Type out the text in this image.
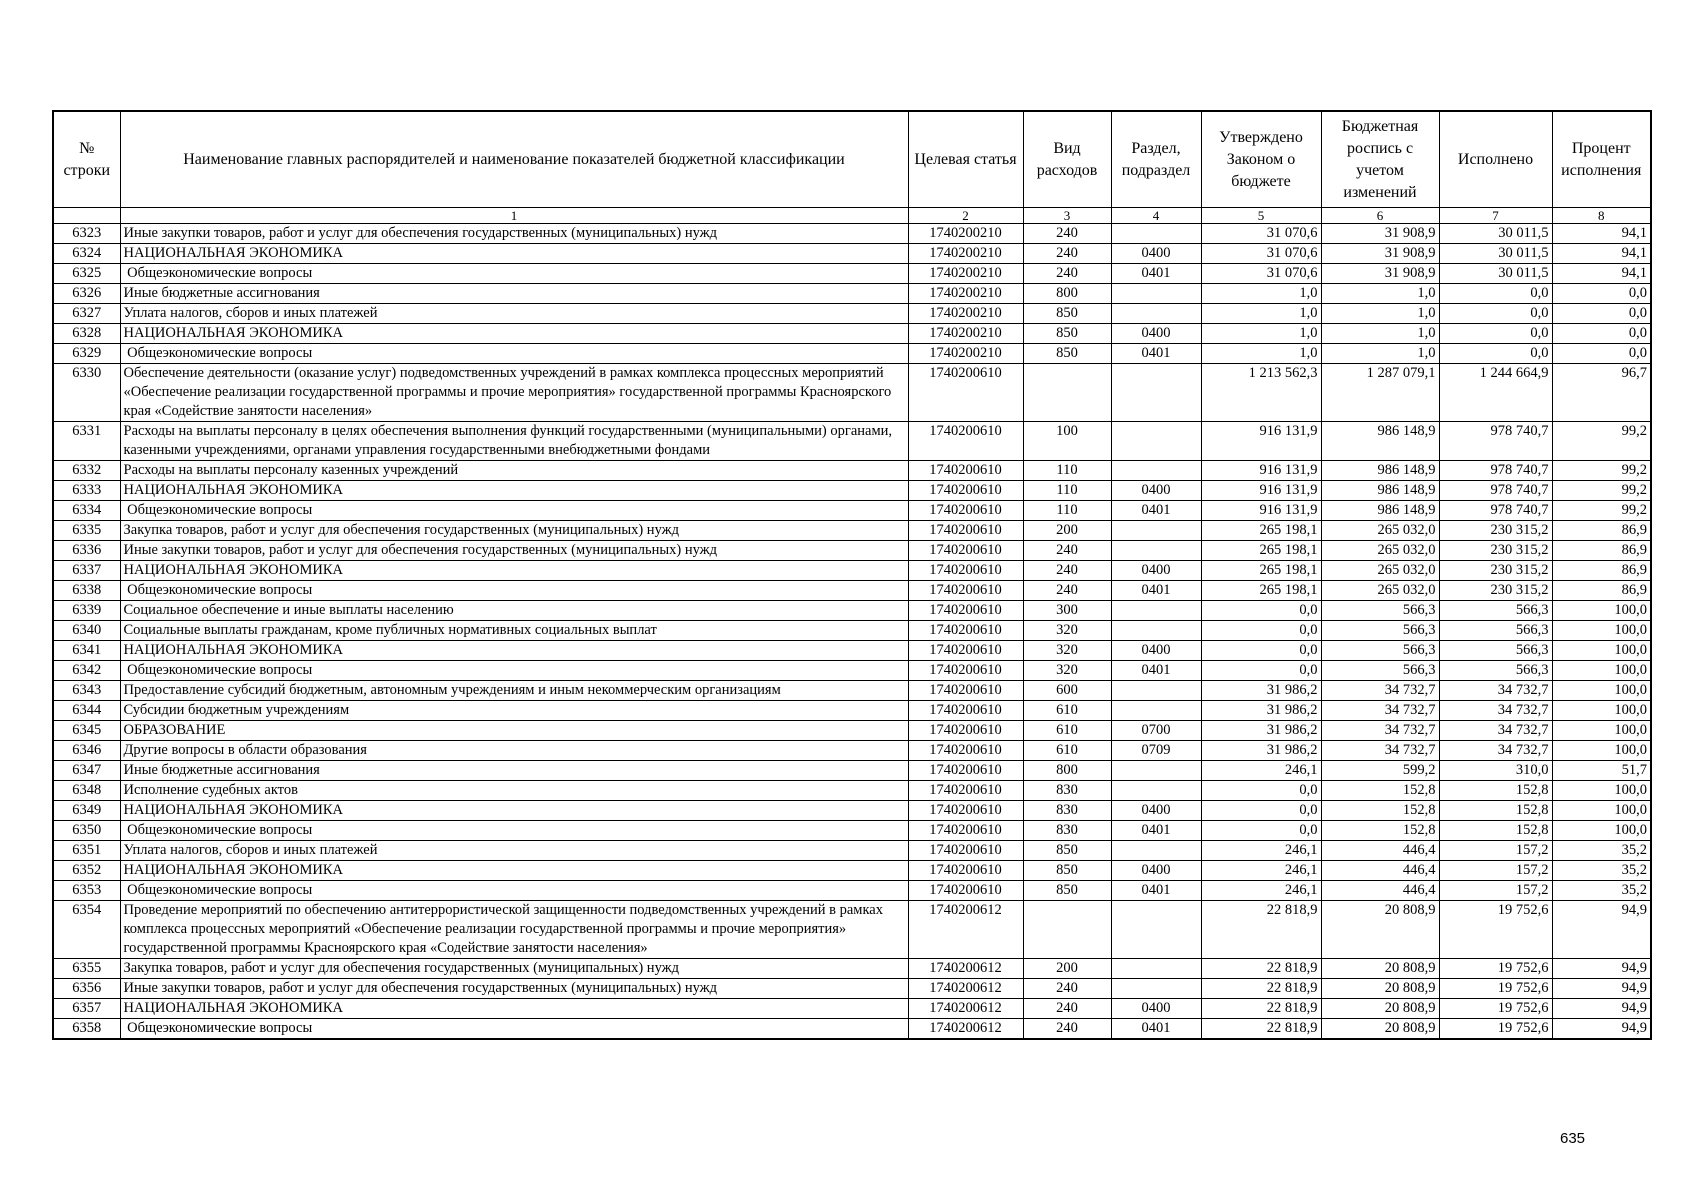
№ строки	Наименование главных распорядителей и наименование показателей бюджетной классификации	Целевая статья	Вид расходов	Раздел, подраздел	Утверждено Законом о бюджете	Бюджетная роспись с учетом изменений	Исполнено	Процент исполнения
	1	2	3	4	5	6	7	8
6323	Иные закупки товаров, работ и услуг для обеспечения государственных (муниципальных) нужд	1740200210	240		31 070,6	31 908,9	30 011,5	94,1
6324	НАЦИОНАЛЬНАЯ ЭКОНОМИКА	1740200210	240	0400	31 070,6	31 908,9	30 011,5	94,1
6325	Общеэкономические вопросы	1740200210	240	0401	31 070,6	31 908,9	30 011,5	94,1
6326	Иные бюджетные ассигнования	1740200210	800		1,0	1,0	0,0	0,0
6327	Уплата налогов, сборов и иных платежей	1740200210	850		1,0	1,0	0,0	0,0
6328	НАЦИОНАЛЬНАЯ ЭКОНОМИКА	1740200210	850	0400	1,0	1,0	0,0	0,0
6329	Общеэкономические вопросы	1740200210	850	0401	1,0	1,0	0,0	0,0
6330	Обеспечение деятельности (оказание услуг) подведомственных учреждений в рамках комплекса процессных мероприятий «Обеспечение реализации государственной программы и прочие мероприятия» государственной программы Красноярского края «Содействие занятости населения»	1740200610			1 213 562,3	1 287 079,1	1 244 664,9	96,7
6331	Расходы на выплаты персоналу в целях обеспечения выполнения функций государственными (муниципальными) органами, казенными учреждениями, органами управления государственными внебюджетными фондами	1740200610	100		916 131,9	986 148,9	978 740,7	99,2
6332	Расходы на выплаты персоналу казенных учреждений	1740200610	110		916 131,9	986 148,9	978 740,7	99,2
6333	НАЦИОНАЛЬНАЯ ЭКОНОМИКА	1740200610	110	0400	916 131,9	986 148,9	978 740,7	99,2
6334	Общеэкономические вопросы	1740200610	110	0401	916 131,9	986 148,9	978 740,7	99,2
6335	Закупка товаров, работ и услуг для обеспечения государственных (муниципальных) нужд	1740200610	200		265 198,1	265 032,0	230 315,2	86,9
6336	Иные закупки товаров, работ и услуг для обеспечения государственных (муниципальных) нужд	1740200610	240		265 198,1	265 032,0	230 315,2	86,9
6337	НАЦИОНАЛЬНАЯ ЭКОНОМИКА	1740200610	240	0400	265 198,1	265 032,0	230 315,2	86,9
6338	Общеэкономические вопросы	1740200610	240	0401	265 198,1	265 032,0	230 315,2	86,9
6339	Социальное обеспечение и иные выплаты населению	1740200610	300		0,0	566,3	566,3	100,0
6340	Социальные выплаты гражданам, кроме публичных нормативных социальных выплат	1740200610	320		0,0	566,3	566,3	100,0
6341	НАЦИОНАЛЬНАЯ ЭКОНОМИКА	1740200610	320	0400	0,0	566,3	566,3	100,0
6342	Общеэкономические вопросы	1740200610	320	0401	0,0	566,3	566,3	100,0
6343	Предоставление субсидий бюджетным, автономным учреждениям и иным некоммерческим организациям	1740200610	600		31 986,2	34 732,7	34 732,7	100,0
6344	Субсидии бюджетным учреждениям	1740200610	610		31 986,2	34 732,7	34 732,7	100,0
6345	ОБРАЗОВАНИЕ	1740200610	610	0700	31 986,2	34 732,7	34 732,7	100,0
6346	Другие вопросы в области образования	1740200610	610	0709	31 986,2	34 732,7	34 732,7	100,0
6347	Иные бюджетные ассигнования	1740200610	800		246,1	599,2	310,0	51,7
6348	Исполнение судебных актов	1740200610	830		0,0	152,8	152,8	100,0
6349	НАЦИОНАЛЬНАЯ ЭКОНОМИКА	1740200610	830	0400	0,0	152,8	152,8	100,0
6350	Общеэкономические вопросы	1740200610	830	0401	0,0	152,8	152,8	100,0
6351	Уплата налогов, сборов и иных платежей	1740200610	850		246,1	446,4	157,2	35,2
6352	НАЦИОНАЛЬНАЯ ЭКОНОМИКА	1740200610	850	0400	246,1	446,4	157,2	35,2
6353	Общеэкономические вопросы	1740200610	850	0401	246,1	446,4	157,2	35,2
6354	Проведение мероприятий по обеспечению антитеррористической защищенности подведомственных учреждений в рамках комплекса процессных мероприятий «Обеспечение реализации государственной программы и прочие мероприятия» государственной программы Красноярского края «Содействие занятости населения»	1740200612			22 818,9	20 808,9	19 752,6	94,9
6355	Закупка товаров, работ и услуг для обеспечения государственных (муниципальных) нужд	1740200612	200		22 818,9	20 808,9	19 752,6	94,9
6356	Иные закупки товаров, работ и услуг для обеспечения государственных (муниципальных) нужд	1740200612	240		22 818,9	20 808,9	19 752,6	94,9
6357	НАЦИОНАЛЬНАЯ ЭКОНОМИКА	1740200612	240	0400	22 818,9	20 808,9	19 752,6	94,9
6358	Общеэкономические вопросы	1740200612	240	0401	22 818,9	20 808,9	19 752,6	94,9
635
